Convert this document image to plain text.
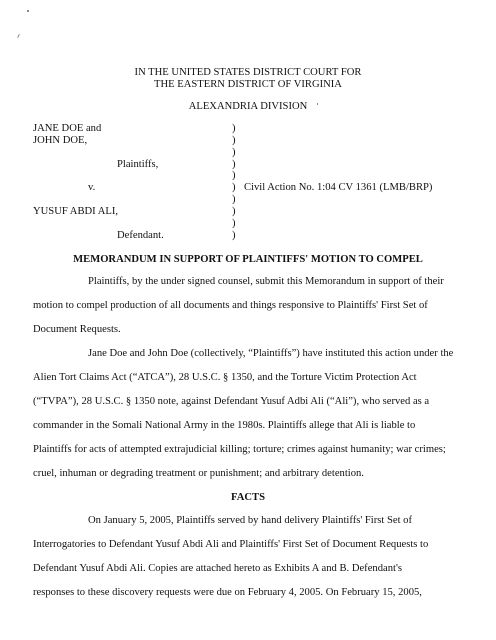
IN THE UNITED STATES DISTRICT COURT FOR
THE EASTERN DISTRICT OF VIRGINIA
ALEXANDRIA DIVISION
JANE DOE and
JOHN DOE,
Plaintiffs,
v.
YUSUF ABDI ALI,
Defendant.
)
)
)
)
)
)
)
)
)
)
Civil Action No. 1:04 CV 1361 (LMB/BRP)
MEMORANDUM IN SUPPORT OF PLAINTIFFS' MOTION TO COMPEL
Plaintiffs, by the under signed counsel, submit this Memorandum in support of their
motion to compel production of all documents and things responsive to Plaintiffs' First Set of
Document Requests.
Jane Doe and John Doe (collectively, “Plaintiffs”) have instituted this action under the
Alien Tort Claims Act (“ATCA”), 28 U.S.C. § 1350, and the Torture Victim Protection Act
(“TVPA”), 28 U.S.C. § 1350 note, against Defendant Yusuf Adbi Ali (“Ali”), who served as a
commander in the Somali National Army in the 1980s. Plaintiffs allege that Ali is liable to
Plaintiffs for acts of attempted extrajudicial killing; torture; crimes against humanity; war crimes;
cruel, inhuman or degrading treatment or punishment; and arbitrary detention.
FACTS
On January 5, 2005, Plaintiffs served by hand delivery Plaintiffs' First Set of
Interrogatories to Defendant Yusuf Abdi Ali and Plaintiffs' First Set of Document Requests to
Defendant Yusuf Abdi Ali. Copies are attached hereto as Exhibits A and B. Defendant's
responses to these discovery requests were due on February 4, 2005. On February 15, 2005,
